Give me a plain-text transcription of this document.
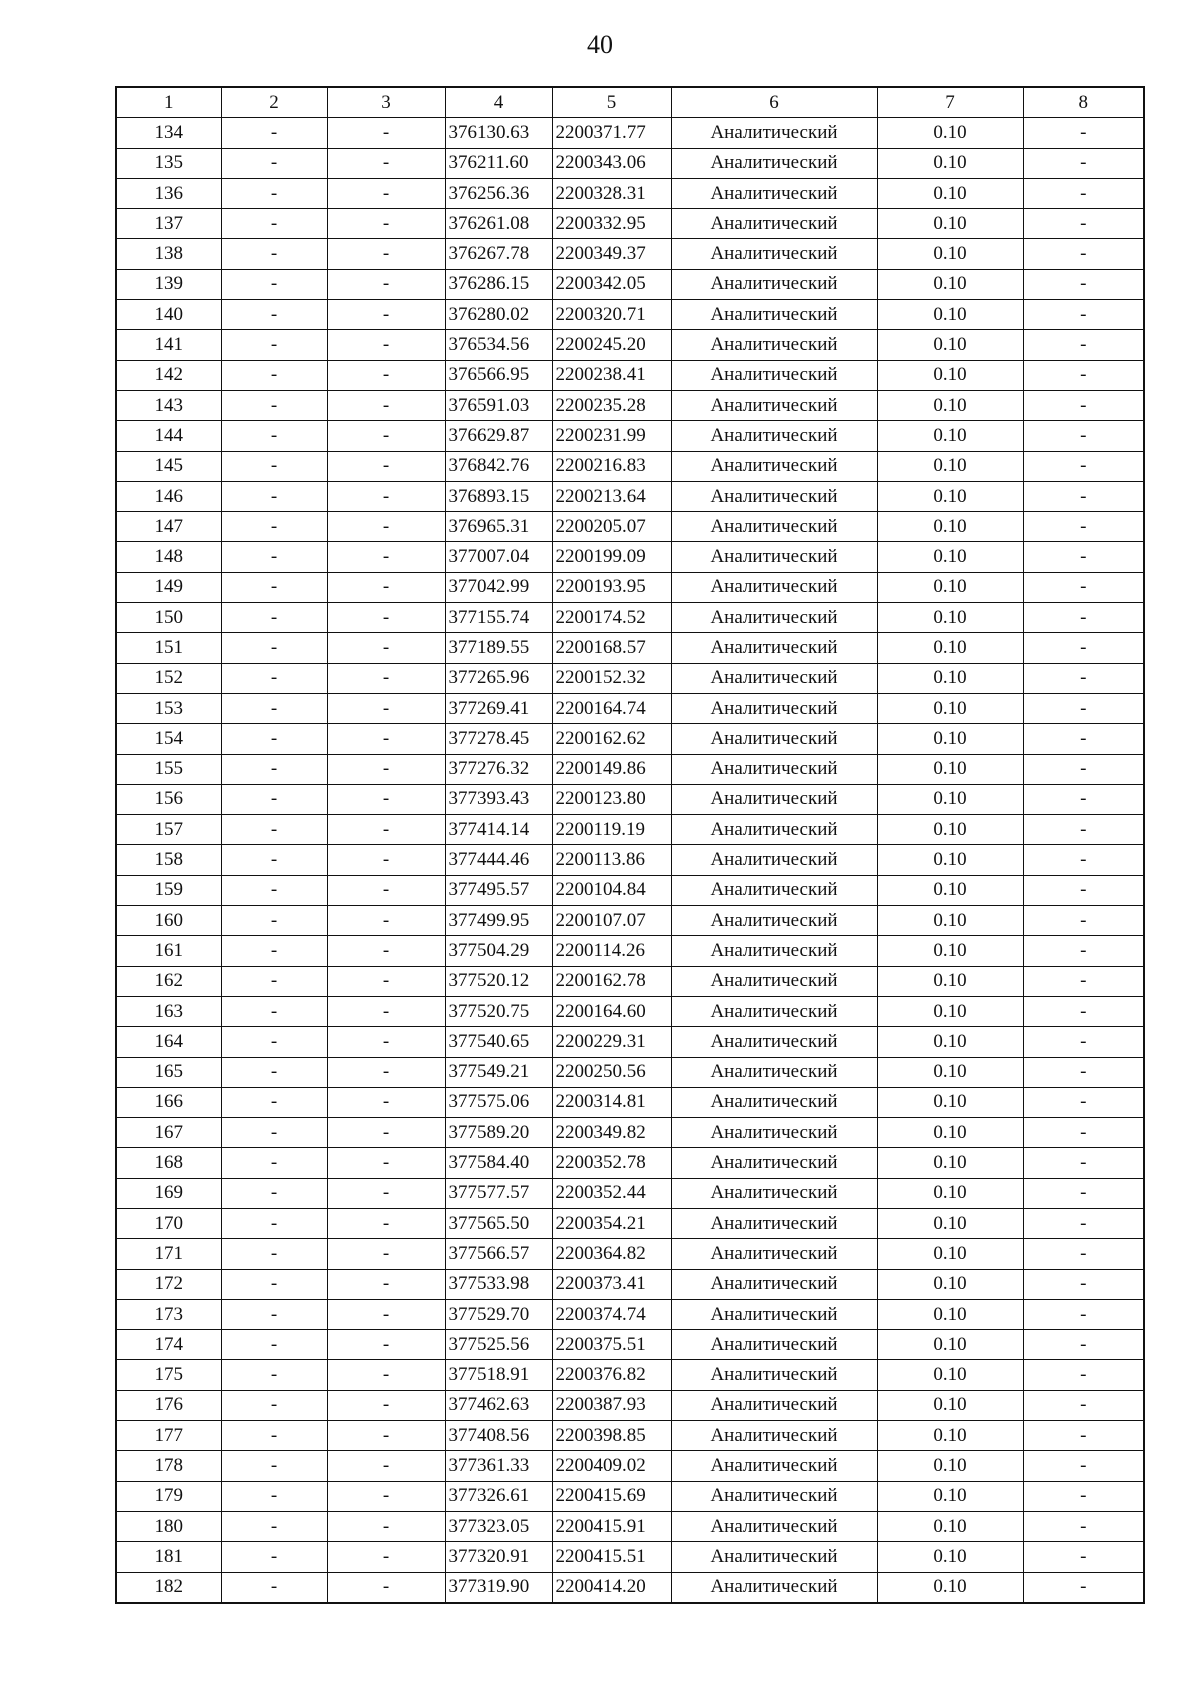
40
1	2	3	4	5	6	7	8
134	-	-	376130.63	2200371.77	Аналитический	0.10	-
135	-	-	376211.60	2200343.06	Аналитический	0.10	-
136	-	-	376256.36	2200328.31	Аналитический	0.10	-
137	-	-	376261.08	2200332.95	Аналитический	0.10	-
138	-	-	376267.78	2200349.37	Аналитический	0.10	-
139	-	-	376286.15	2200342.05	Аналитический	0.10	-
140	-	-	376280.02	2200320.71	Аналитический	0.10	-
141	-	-	376534.56	2200245.20	Аналитический	0.10	-
142	-	-	376566.95	2200238.41	Аналитический	0.10	-
143	-	-	376591.03	2200235.28	Аналитический	0.10	-
144	-	-	376629.87	2200231.99	Аналитический	0.10	-
145	-	-	376842.76	2200216.83	Аналитический	0.10	-
146	-	-	376893.15	2200213.64	Аналитический	0.10	-
147	-	-	376965.31	2200205.07	Аналитический	0.10	-
148	-	-	377007.04	2200199.09	Аналитический	0.10	-
149	-	-	377042.99	2200193.95	Аналитический	0.10	-
150	-	-	377155.74	2200174.52	Аналитический	0.10	-
151	-	-	377189.55	2200168.57	Аналитический	0.10	-
152	-	-	377265.96	2200152.32	Аналитический	0.10	-
153	-	-	377269.41	2200164.74	Аналитический	0.10	-
154	-	-	377278.45	2200162.62	Аналитический	0.10	-
155	-	-	377276.32	2200149.86	Аналитический	0.10	-
156	-	-	377393.43	2200123.80	Аналитический	0.10	-
157	-	-	377414.14	2200119.19	Аналитический	0.10	-
158	-	-	377444.46	2200113.86	Аналитический	0.10	-
159	-	-	377495.57	2200104.84	Аналитический	0.10	-
160	-	-	377499.95	2200107.07	Аналитический	0.10	-
161	-	-	377504.29	2200114.26	Аналитический	0.10	-
162	-	-	377520.12	2200162.78	Аналитический	0.10	-
163	-	-	377520.75	2200164.60	Аналитический	0.10	-
164	-	-	377540.65	2200229.31	Аналитический	0.10	-
165	-	-	377549.21	2200250.56	Аналитический	0.10	-
166	-	-	377575.06	2200314.81	Аналитический	0.10	-
167	-	-	377589.20	2200349.82	Аналитический	0.10	-
168	-	-	377584.40	2200352.78	Аналитический	0.10	-
169	-	-	377577.57	2200352.44	Аналитический	0.10	-
170	-	-	377565.50	2200354.21	Аналитический	0.10	-
171	-	-	377566.57	2200364.82	Аналитический	0.10	-
172	-	-	377533.98	2200373.41	Аналитический	0.10	-
173	-	-	377529.70	2200374.74	Аналитический	0.10	-
174	-	-	377525.56	2200375.51	Аналитический	0.10	-
175	-	-	377518.91	2200376.82	Аналитический	0.10	-
176	-	-	377462.63	2200387.93	Аналитический	0.10	-
177	-	-	377408.56	2200398.85	Аналитический	0.10	-
178	-	-	377361.33	2200409.02	Аналитический	0.10	-
179	-	-	377326.61	2200415.69	Аналитический	0.10	-
180	-	-	377323.05	2200415.91	Аналитический	0.10	-
181	-	-	377320.91	2200415.51	Аналитический	0.10	-
182	-	-	377319.90	2200414.20	Аналитический	0.10	-
